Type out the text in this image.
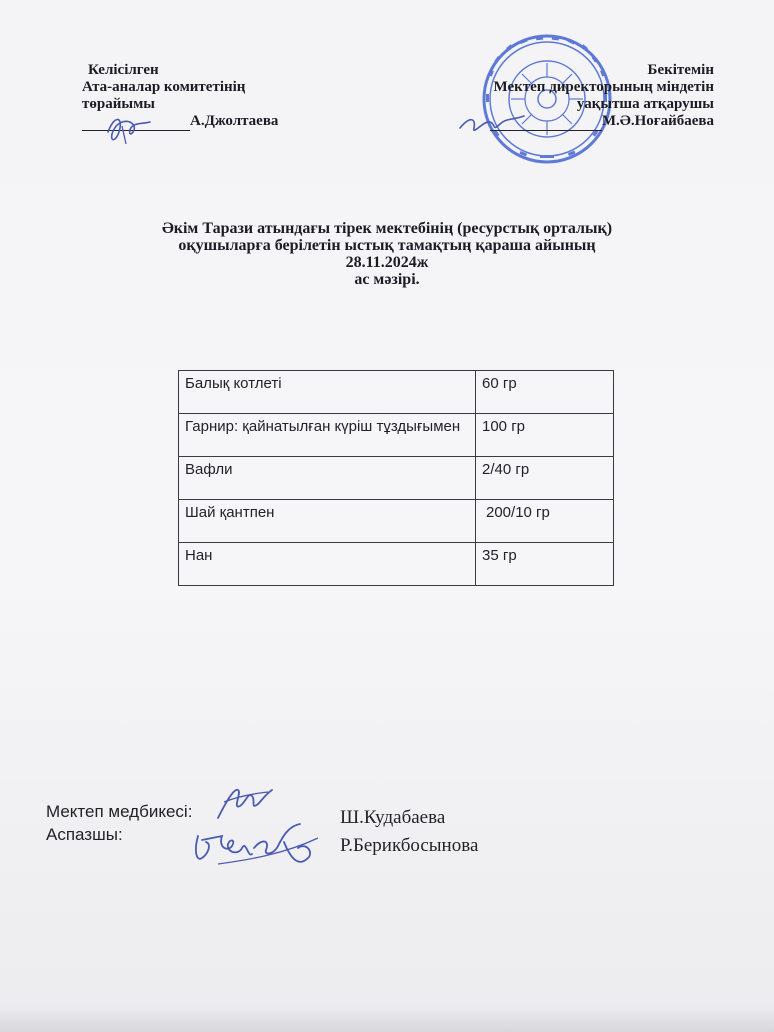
Келісілген
Ата-аналар комитетінің
төрайымы
А.Джолтаева
Бекітемін
Мектеп директорының міндетін
уақытша атқарушы
М.Ә.Ноғайбаева
Әкім Тарази атындағы тірек мектебінің (ресурстық орталық)
оқушыларға берілетін ыстық тамақтың қараша айының
28.11.2024ж
ас мәзірі.
Балық котлеті	60 гр
Гарнир: қайнатылған күріш тұздығымен	100 гр
Вафли	2/40 гр
Шай қантпен	200/10 гр
Нан	35 гр
Мектеп медбикесі:
Аспазшы:
Ш.Кудабаева
Р.Берикбосынова
